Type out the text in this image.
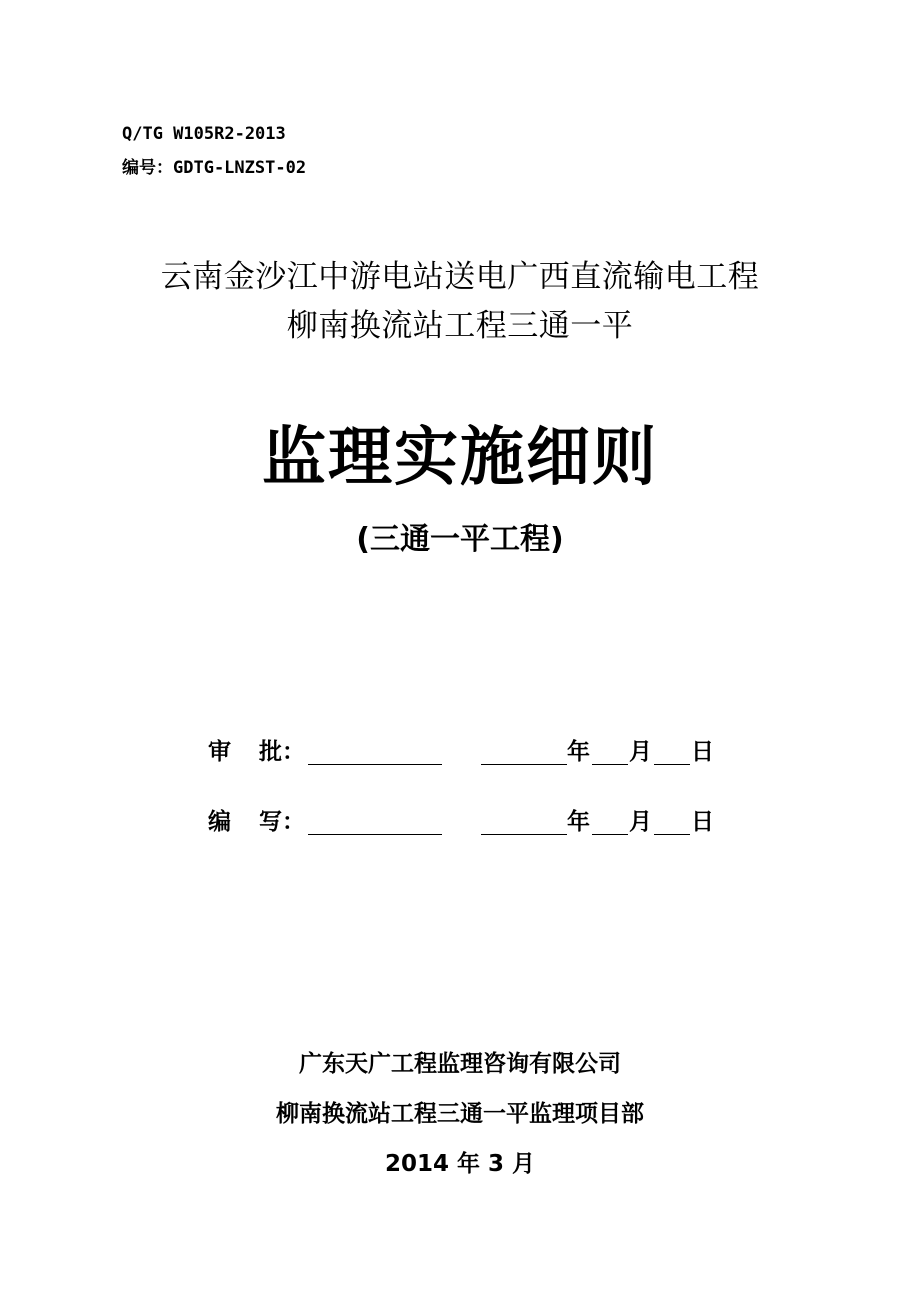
Q/TG W105R2-2013
编号：GDTG-LNZST-02
云南金沙江中游电站送电广西直流输电工程
柳南换流站工程三通一平
监理实施细则
(三通一平工程)
审 批：	年 月 日
编 写：	年 月 日
广东天广工程监理咨询有限公司
柳南换流站工程三通一平监理项目部
2014 年 3 月
